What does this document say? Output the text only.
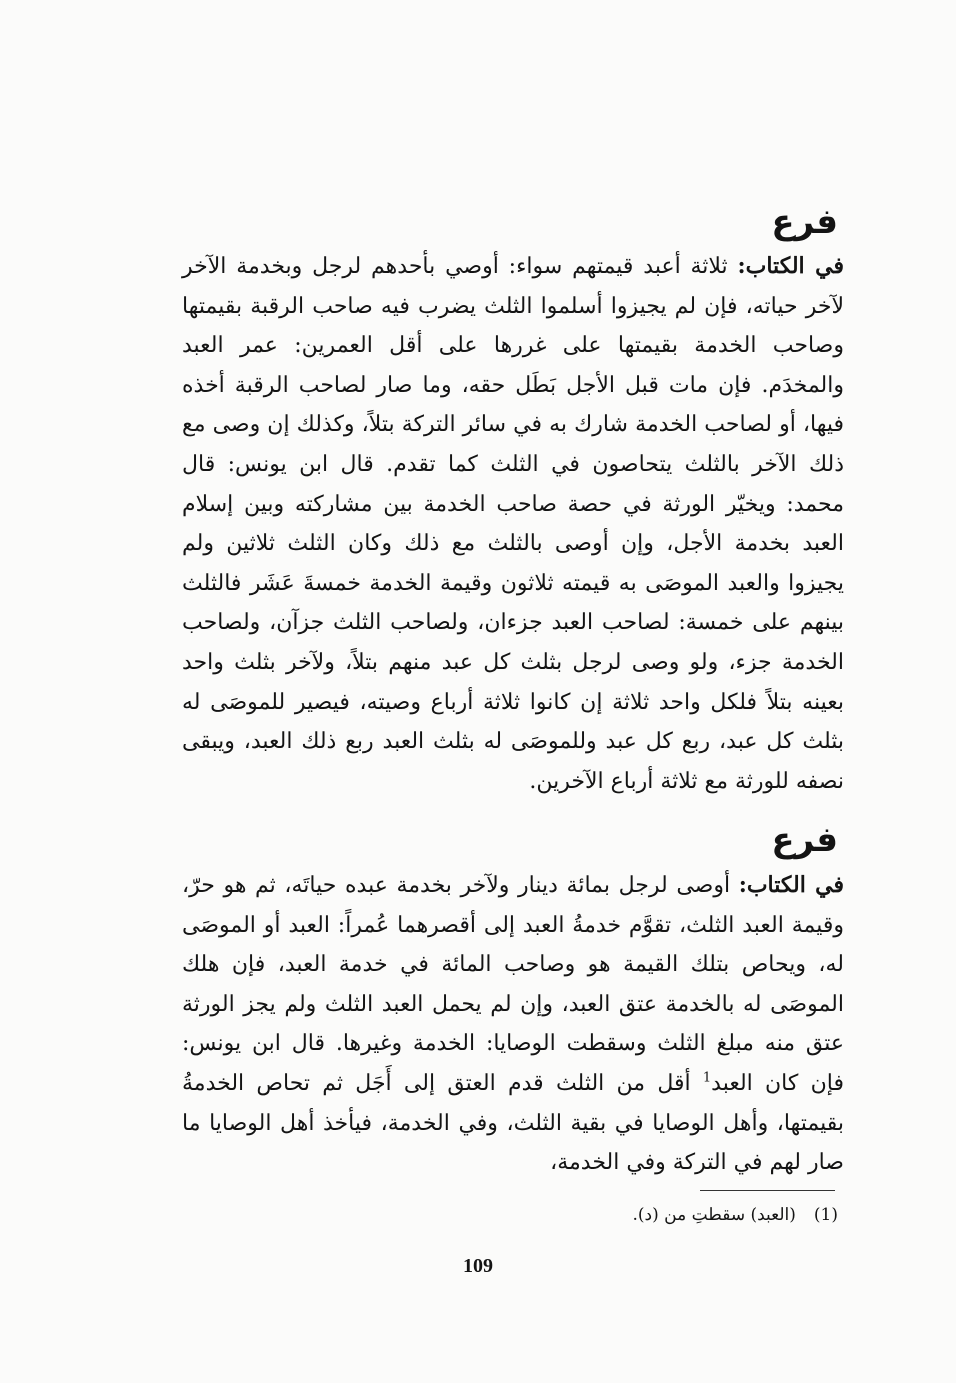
فرع

في الكتاب: ثلاثة أعبد قيمتهم سواء: أوصي بأحدهم لرجل وبخدمة الآخر لآخر حياته، فإن لم يجيزوا أسلموا الثلث يضرب فيه صاحب الرقبة بقيمتها وصاحب الخدمة بقيمتها على غررها على أقل العمرين: عمر العبد والمخدَم. فإن مات قبل الأجل بَطَل حقه، وما صار لصاحب الرقبة أخذه فيها، أو لصاحب الخدمة شارك به في سائر التركة بتلاً، وكذلك إن وصى مع ذلك الآخر بالثلث يتحاصون في الثلث كما تقدم. قال ابن يونس: قال محمد: ويخيّر الورثة في حصة صاحب الخدمة بين مشاركته وبين إسلام العبد بخدمة الأجل، وإن أوصى بالثلث مع ذلك وكان الثلث ثلاثين ولم يجيزوا والعبد الموصَى به قيمته ثلاثون وقيمة الخدمة خمسةَ عَشَر فالثلث بينهم على خمسة: لصاحب العبد جزءان، ولصاحب الثلث جزآن، ولصاحب الخدمة جزء، ولو وصى لرجل بثلث كل عبد منهم بتلاً، ولآخر بثلث واحد بعينه بتلاً فلكل واحد ثلاثة إن كانوا ثلاثة أرباع وصيته، فيصير للموصَى له بثلث كل عبد، ربع كل عبد وللموصَى له بثلث العبد ربع ذلك العبد، ويبقى نصفه للورثة مع ثلاثة أرباع الآخرين.

فرع

في الكتاب: أوصى لرجل بمائة دينار ولآخر بخدمة عبده حياتَه، ثم هو حرّ، وقيمة العبد الثلث، تقوَّم خدمةُ العبد إلى أقصرهما عُمراً: العبد أو الموصَى له، ويحاص بتلك القيمة هو وصاحب المائة في خدمة العبد، فإن هلك الموصَى له بالخدمة عتق العبد، وإن لم يحمل العبد الثلث ولم يجز الورثة عتق منه مبلغ الثلث وسقطت الوصايا: الخدمة وغيرها. قال ابن يونس: فإن كان العبد$^1$ أقل من الثلث قدم العتق إلى أَجَل ثم تحاص الخدمةُ بقيمتها، وأهل الوصايا في بقية الثلث، وفي الخدمة، فيأخذ أهل الوصايا ما صار لهم في التركة وفي الخدمة،

(1)(العبد) سقطتِ من (د).

109
